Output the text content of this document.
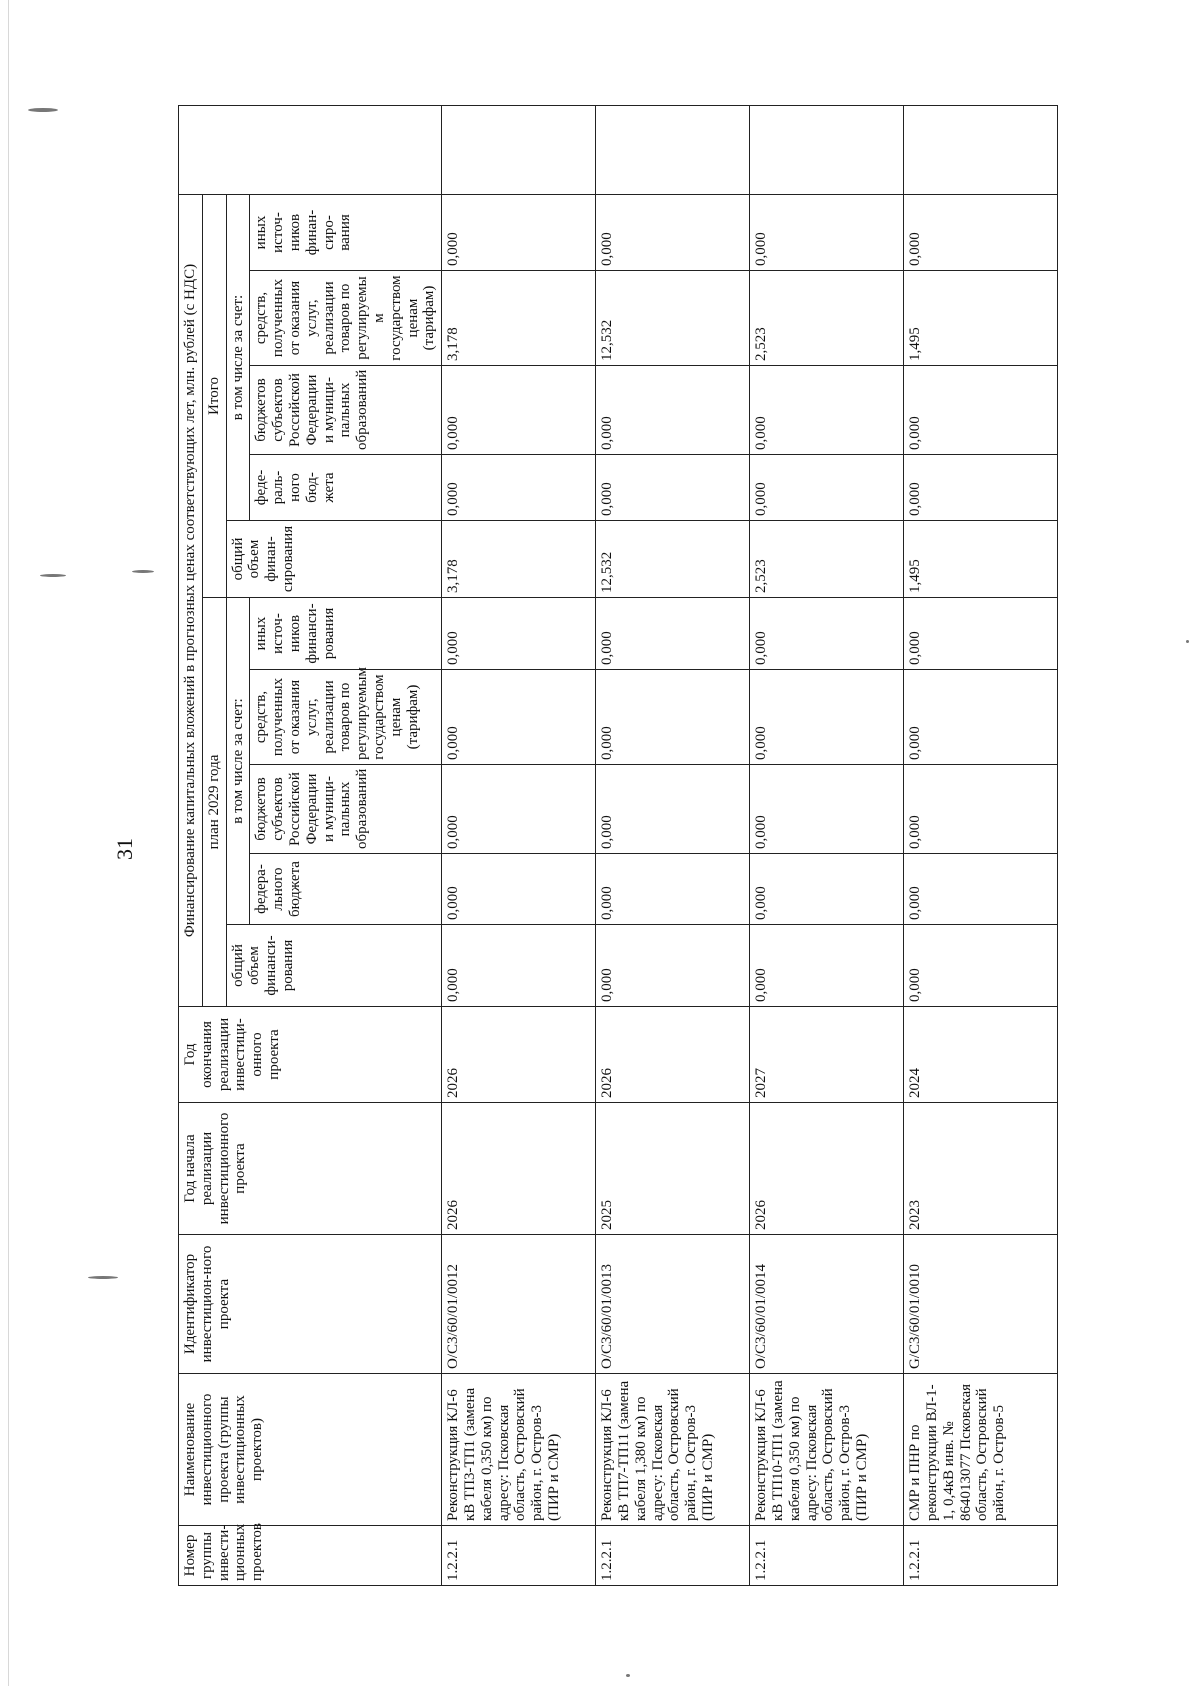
31
Номер группы инвести-ционных проектов	Наименование инвестиционного проекта (группы инвестиционных проектов)	Идентификатор инвестицион-ного проекта	Год начала реализации инвестиционного проекта	Год окончания реализации инвестици-онного проекта	Финансирование капитальных вложений в прогнозных ценах соответствующих лет, млн. рублей (с НДС)										
					план 2029 года					Итого					
					общий объем финанси-рования	в том числе за счет:				общий объем финан-сирования	в том числе за счет:				
						федера-льного бюджета	бюджетов субъектов Российской Федерации и муници-пальных образований	средств, полученных от оказания услуг, реализации товаров по регулируемым государством ценам (тарифам)	иных источ-ников финанси-рования		феде-раль-ного бюд-жета	бюджетов субъектов Российской Федерации и муници-пальных образований	средств, полученных от оказания услуг, реализации товаров по регулируемы м государством ценам (тарифам)	иных источ-ников финан-сиро-вания	
1.2.2.1	Реконструкция КЛ-6 кВ ТП3-ТП1 (замена кабеля 0,350 км) по адресу: Псковская область, Островский район, г. Остров-3 (ПИР и СМР)	O/C3/60/01/0012	2026	2026	0,000	0,000	0,000	0,000	0,000	3,178	0,000	0,000	3,178	0,000	
1.2.2.1	Реконструкция КЛ-6 кВ ТП7-ТП11 (замена кабеля 1,380 км) по адресу: Псковская область, Островский район, г. Остров-3 (ПИР и СМР)	O/C3/60/01/0013	2025	2026	0,000	0,000	0,000	0,000	0,000	12,532	0,000	0,000	12,532	0,000	
1.2.2.1	Реконструкция КЛ-6 кВ ТП10-ТП1 (замена кабеля 0,350 км) по адресу: Псковская область, Островский район, г. Остров-3 (ПИР и СМР)	O/C3/60/01/0014	2026	2027	0,000	0,000	0,000	0,000	0,000	2,523	0,000	0,000	2,523	0,000	
1.2.2.1	СМР и ПНР по реконструкции ВЛ-1-1, 0,4кВ инв. № 864013077 Псковская область, Островский район, г. Остров-5	G/C3/60/01/0010	2023	2024	0,000	0,000	0,000	0,000	0,000	1,495	0,000	0,000	1,495	0,000	
